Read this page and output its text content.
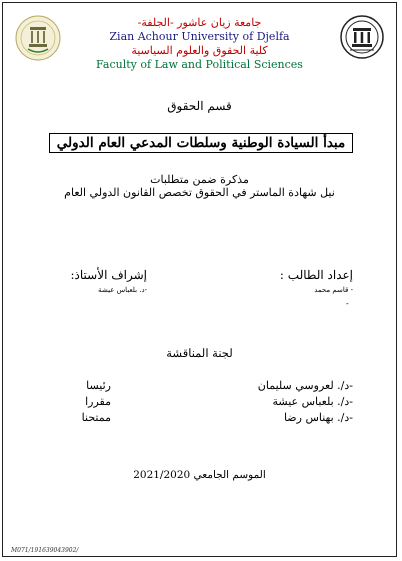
جامعة زيان عاشور -الجلفة-
Zian Achour University of Djelfa
كلية الحقوق والعلوم السياسية
Faculty of Law and Political Sciences
قسم الحقوق
مبدأ السيادة الوطنية وسلطات المدعي العام الدولي
مذكرة ضمن متطلبات
نيل شهادة الماستر في الحقوق تخصص القانون الدولي العام
إعداد الطالب :
إشراف الأستاذ:
- قاسم محمد
-د. بلعباس عيشة
-
لجنة المناقشة
-د/. لعروسي سليمان
رئيسا
-د/. بلعباس عيشة
مقررا
-د/. بهناس رضا
ممتحنا
الموسم الجامعي 2021/2020
M071/191639043902/
